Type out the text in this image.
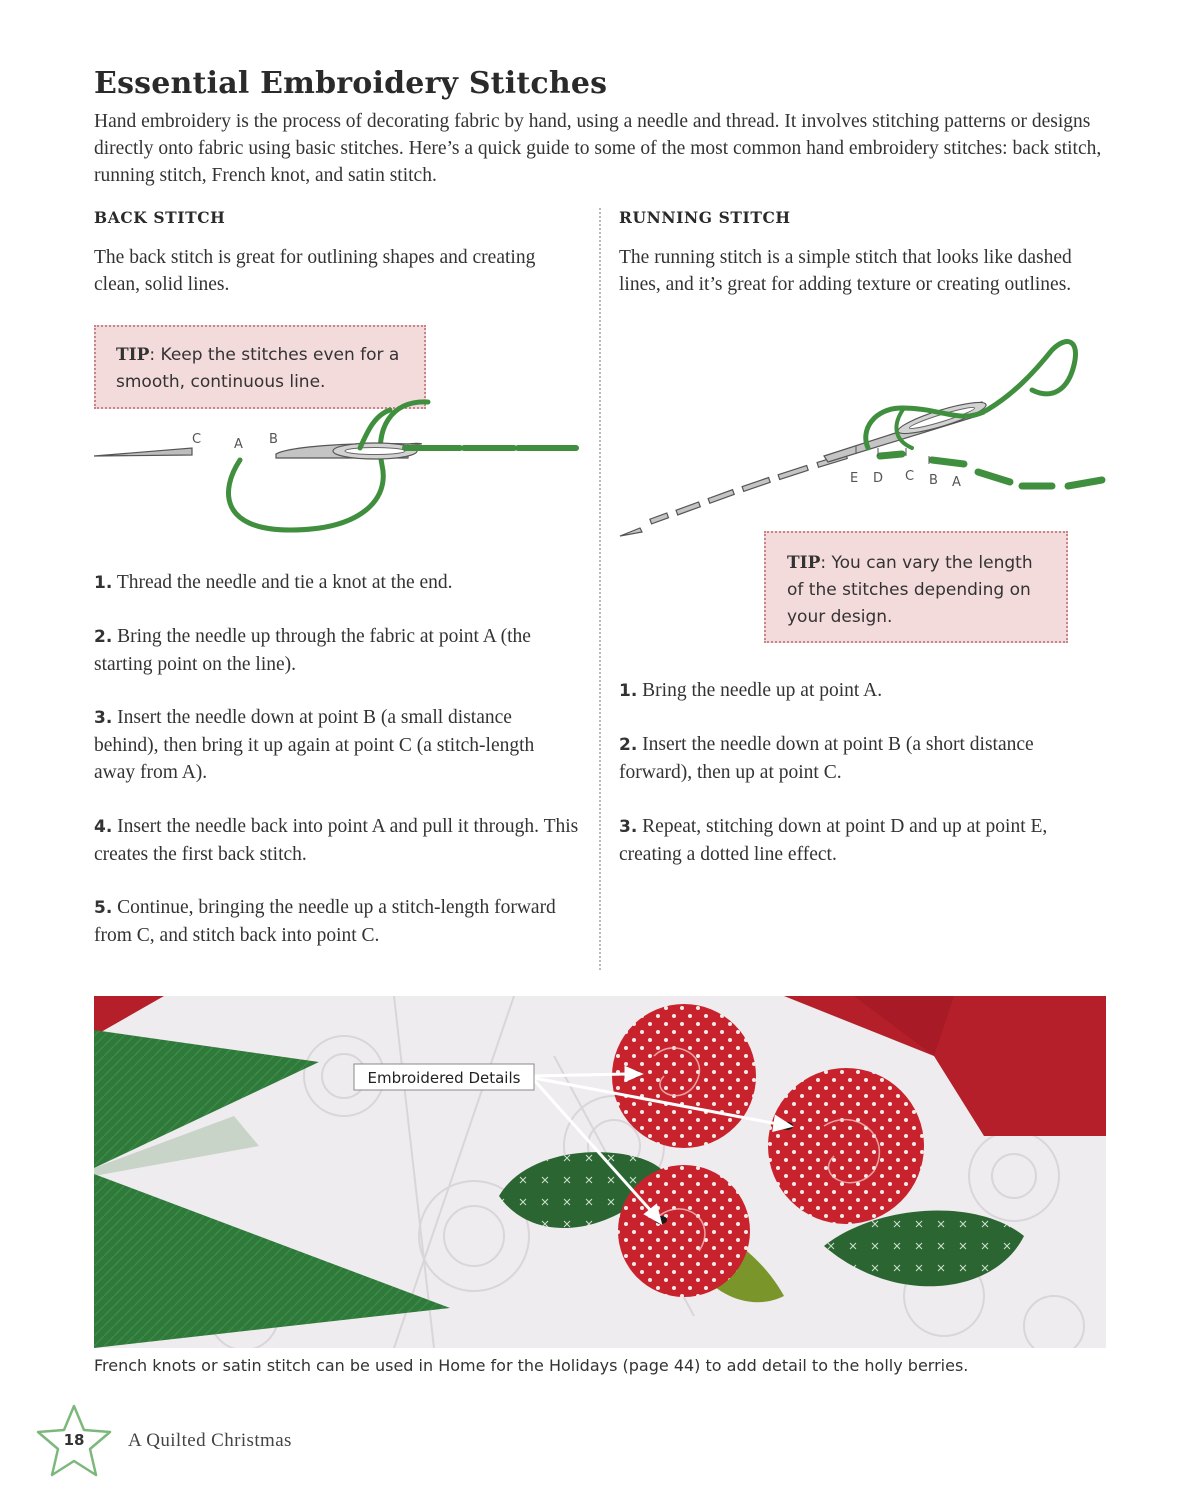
Essential Embroidery Stitches
Hand embroidery is the process of decorating fabric by hand, using a needle and thread. It involves stitching patterns or designs directly onto fabric using basic stitches. Here’s a quick guide to some of the most common hand embroidery stitches: back stitch, running stitch, French knot, and satin stitch.
BACK STITCH
The back stitch is great for outlining shapes and creating clean, solid lines.
TIP: Keep the stitches even for a smooth, continuous line.
C	A B
1. Thread the needle and tie a knot at the end.
2. Bring the needle up through the fabric at point A (the starting point on the line).
3. Insert the needle down at point B (a small distance behind), then bring it up again at point C (a stitch-length away from A).
4. Insert the needle back into point A and pull it through. This creates the first back stitch.
5. Continue, bringing the needle up a stitch-length forward from C, and stitch back into point C.
RUNNING STITCH
The running stitch is a simple stitch that looks like dashed lines, and it’s great for adding texture or creating outlines.
E D C B A
TIP: You can vary the length of the stitches depending on your design.
1. Bring the needle up at point A.
2. Insert the needle down at point B (a short distance forward), then up at point C.
3. Repeat, stitching down at point D and up at point E, creating a dotted line effect.
Embroidered Details
French knots or satin stitch can be used in Home for the Holidays (page 44) to add detail to the holly berries.
18 A Quilted Christmas
